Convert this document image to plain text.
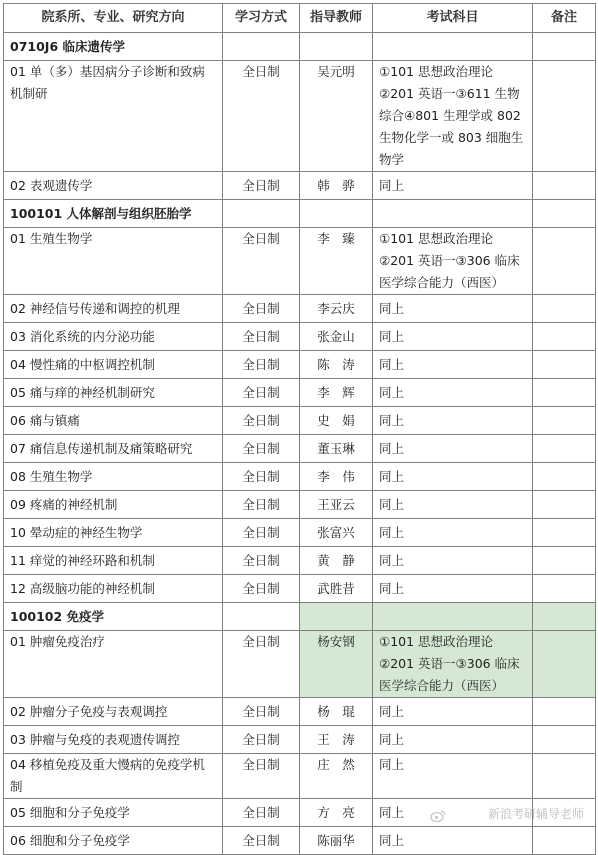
院系所、专业、研究方向	学习方式	指导教师	考试科目	备注
0710J6 临床遗传学				
01 单（多）基因病分子诊断和致病机制研	全日制	吴元明	①101 思想政治理论②201 英语一③611 生物综合④801 生理学或 802 生物化学一或 803 细胞生物学	
02 表观遗传学	全日制	韩　骅	同上	
100101 人体解剖与组织胚胎学				
01 生殖生物学	全日制	李　臻	①101 思想政治理论②201 英语一③306 临床医学综合能力（西医）	
02 神经信号传递和调控的机理	全日制	李云庆	同上	
03 消化系统的内分泌功能	全日制	张金山	同上	
04 慢性痛的中枢调控机制	全日制	陈　涛	同上	
05 痛与痒的神经机制研究	全日制	李　辉	同上	
06 痛与镇痛	全日制	史　娟	同上	
07 痛信息传递机制及痛策略研究	全日制	董玉琳	同上	
08 生殖生物学	全日制	李　伟	同上	
09 疼痛的神经机制	全日制	王亚云	同上	
10 晕动症的神经生物学	全日制	张富兴	同上	
11 痒觉的神经环路和机制	全日制	黄　静	同上	
12 高级脑功能的神经机制	全日制	武胜昔	同上	
100102 免疫学				
01 肿瘤免疫治疗	全日制	杨安钢	①101 思想政治理论②201 英语一③306 临床医学综合能力（西医）	
02 肿瘤分子免疫与表观调控	全日制	杨　琨	同上	
03 肿瘤与免疫的表观遗传调控	全日制	王　涛	同上	
04 移植免疫及重大慢病的免疫学机制	全日制	庄　然	同上	
05 细胞和分子免疫学	全日制	方　亮	同上	
06 细胞和分子免疫学	全日制	陈丽华	同上	
新浪考研辅导老师
